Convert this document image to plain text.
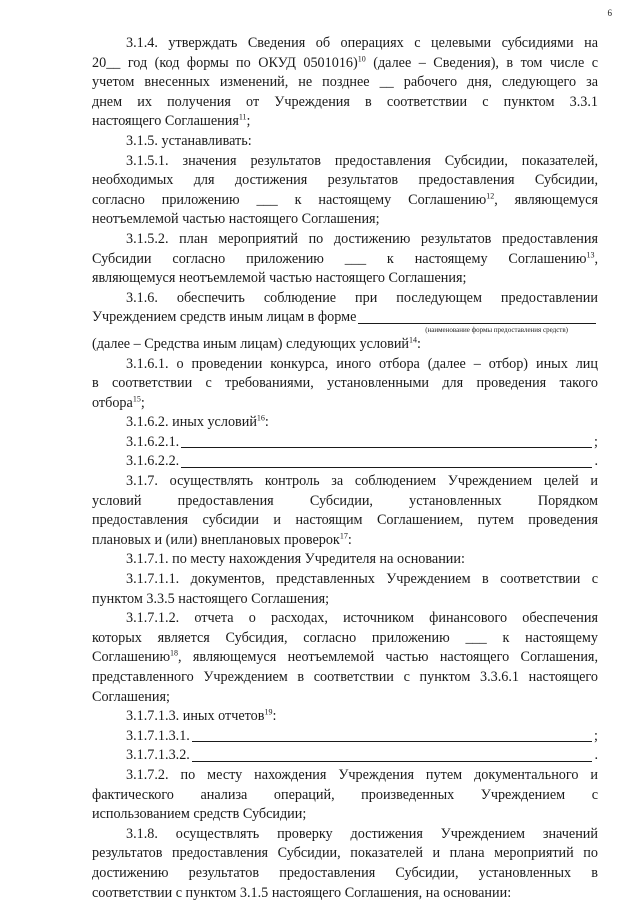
6

3.1.4. утверждать Сведения об операциях с целевыми субсидиями на
20__ год (код формы по ОКУД 0501016)$^{10}$ (далее – Сведения), в том числе с
учетом внесенных изменений, не позднее __ рабочего дня, следующего за
днем их получения от Учреждения в соответствии с пунктом 3.3.1
настоящего Соглашения$^{11}$;

3.1.5. устанавливать:

3.1.5.1. значения результатов предоставления Субсидии, показателей,
необходимых для достижения результатов предоставления Субсидии,
согласно приложению ___ к настоящему Соглашению$^{12}$, являющемуся
неотъемлемой частью настоящего Соглашения;

3.1.5.2. план мероприятий по достижению результатов предоставления
Субсидии согласно приложению ___ к настоящему Соглашению$^{13}$,
являющемуся неотъемлемой частью настоящего Соглашения;

3.1.6. обеспечить соблюдение при последующем предоставлении
Учреждением средств иным лицам в форме
(наименование формы предоставления средств)
(далее – Средства иным лицам) следующих условий$^{14}$:

3.1.6.1. о проведении конкурса, иного отбора (далее – отбор) иных лиц
в соответствии с требованиями, установленными для проведения такого
отбора$^{15}$;

3.1.6.2. иных условий$^{16}$:

3.1.6.2.1.	;
3.1.6.2.2.	.

3.1.7. осуществлять контроль за соблюдением Учреждением целей и
условий предоставления Субсидии, установленных Порядком
предоставления субсидии и настоящим Соглашением, путем проведения
плановых и (или) внеплановых проверок$^{17}$:

3.1.7.1. по месту нахождения Учредителя на основании:

3.1.7.1.1. документов, представленных Учреждением в соответствии с
пунктом 3.3.5 настоящего Соглашения;

3.1.7.1.2. отчета о расходах, источником финансового обеспечения
которых является Субсидия, согласно приложению ___ к настоящему
Соглашению$^{18}$, являющемуся неотъемлемой частью настоящего Соглашения,
представленного Учреждением в соответствии с пунктом 3.3.6.1 настоящего
Соглашения;

3.1.7.1.3. иных отчетов$^{19}$:

3.1.7.1.3.1.	;
3.1.7.1.3.2.	.

3.1.7.2. по месту нахождения Учреждения путем документального и
фактического анализа операций, произведенных Учреждением с
использованием средств Субсидии;

3.1.8. осуществлять проверку достижения Учреждением значений
результатов предоставления Субсидии, показателей и плана мероприятий по
достижению результатов предоставления Субсидии, установленных в
соответствии с пунктом 3.1.5 настоящего Соглашения, на основании:
